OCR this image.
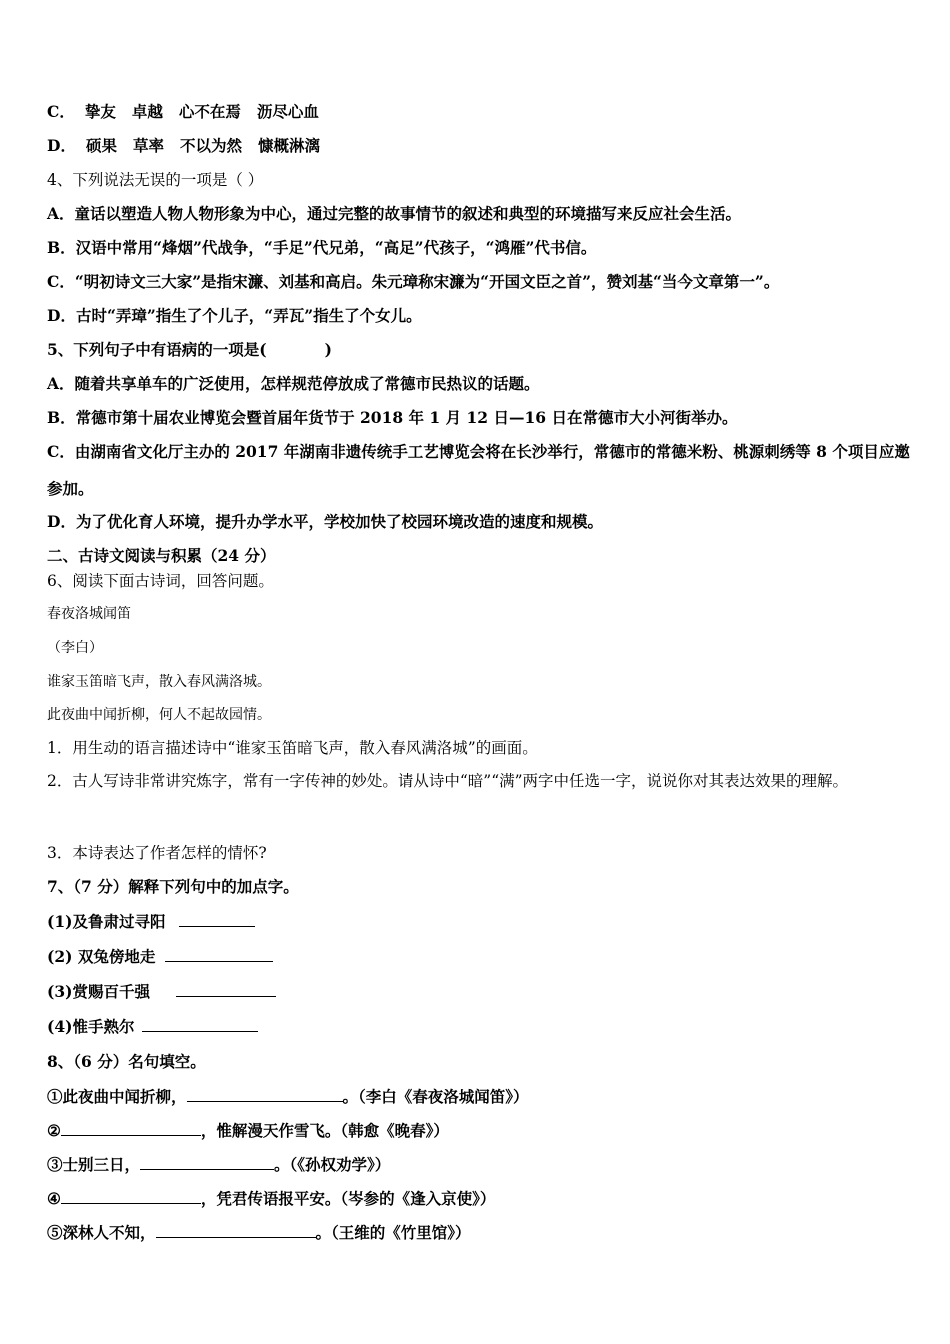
C． 挚友 卓越 心不在焉 沥尽心血
D． 硕果 草率 不以为然 慷概淋漓
4、下列说法无误的一项是（ ）
A．童话以塑造人物人物形象为中心，通过完整的故事情节的叙述和典型的环境描写来反应社会生活。
B．汉语中常用“烽烟”代战争，“手足”代兄弟，“高足”代孩子，“鸿雁”代书信。
C．“明初诗文三大家”是指宋濂、刘基和高启。朱元璋称宋濂为“开国文臣之首”，赞刘基“当今文章第一”。
D．古时“弄璋”指生了个儿子，“弄瓦”指生了个女儿。
5、下列句子中有语病的一项是(	)
A．随着共享单车的广泛使用，怎样规范停放成了常德市民热议的话题。
B．常德市第十届农业博览会暨首届年货节于 2018 年 1 月 12 日—16 日在常德市大小河街举办。
C．由湖南省文化厅主办的 2017 年湖南非遗传统手工艺博览会将在长沙举行，常德市的常德米粉、桃源刺绣等 8 个项目应邀参加。
D．为了优化育人环境，提升办学水平，学校加快了校园环境改造的速度和规模。
二、古诗文阅读与积累（24 分）
6、阅读下面古诗词，回答问题。
春夜洛城闻笛
（李白）
谁家玉笛暗飞声，散入春风满洛城。
此夜曲中闻折柳，何人不起故园情。
1．用生动的语言描述诗中“谁家玉笛暗飞声，散入春风满洛城”的画面。
2．古人写诗非常讲究炼字，常有一字传神的妙处。请从诗中“暗”“满”两字中任选一字，说说你对其表达效果的理解。
3．本诗表达了作者怎样的情怀?
7、（7 分）解释下列句中的加点字。
(1)及鲁肃过寻阳
(2) 双兔傍地走
(3)赏赐百千强
(4)惟手熟尔
8、（6 分）名句填空。
①此夜曲中闻折柳，	。（李白《春夜洛城闻笛》）
②	，惟解漫天作雪飞。（韩愈《晚春》）
③士别三日，	。（《孙权劝学》）
④	，凭君传语报平安。（岑参的《逢入京使》）
⑤深林人不知，	。（王维的《竹里馆》）
